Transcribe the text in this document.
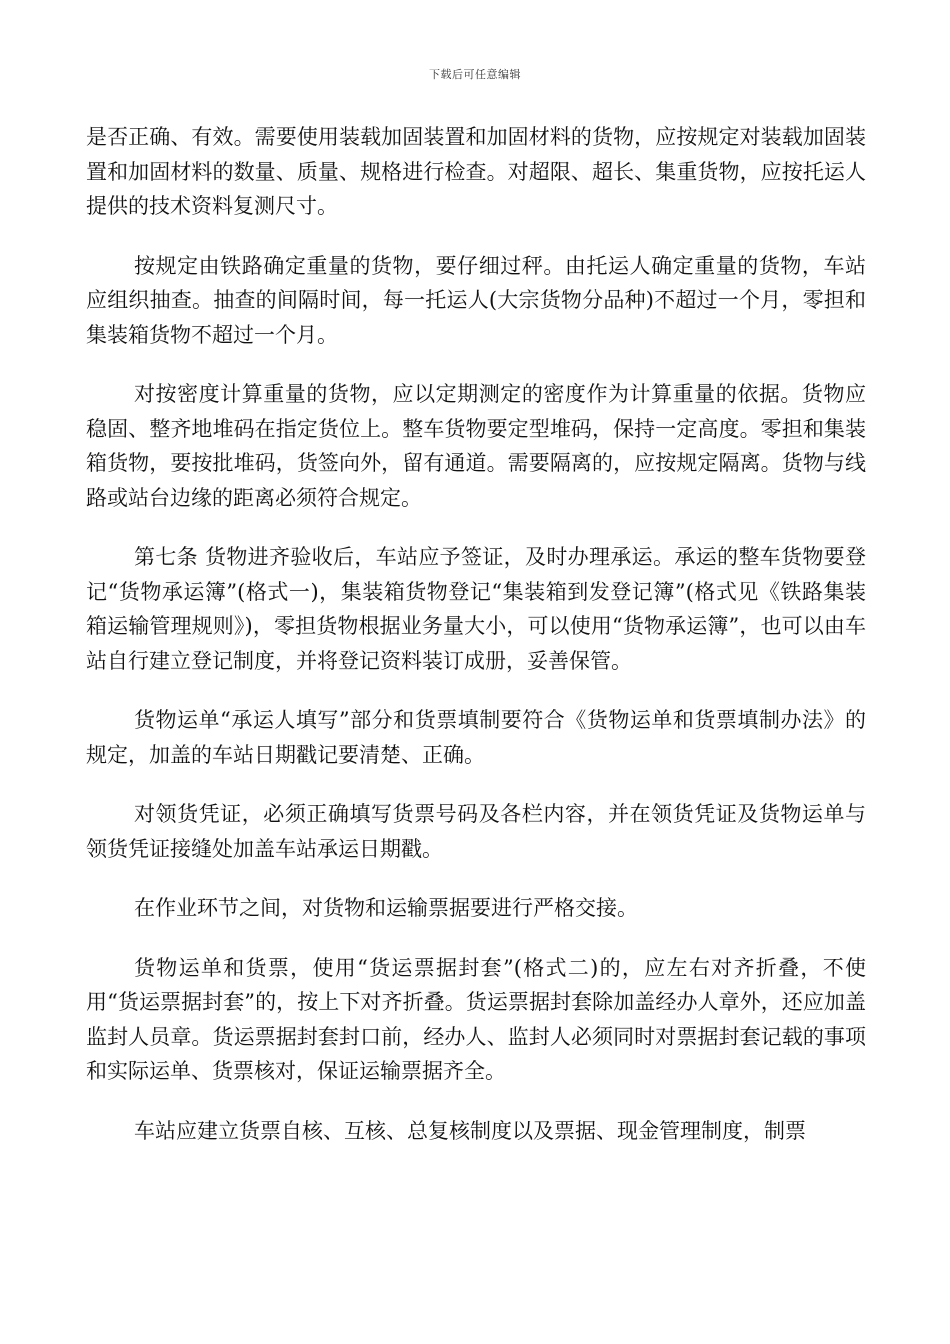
下载后可任意编辑

是否正确、有效。需要使用装载加固装置和加固材料的货物，应按规定对装载加固装置和加固材料的数量、质量、规格进行检查。对超限、超长、集重货物，应按托运人提供的技术资料复测尺寸。

按规定由铁路确定重量的货物，要仔细过秤。由托运人确定重量的货物，车站应组织抽查。抽查的间隔时间，每一托运人(大宗货物分品种)不超过一个月，零担和集装箱货物不超过一个月。

对按密度计算重量的货物，应以定期测定的密度作为计算重量的依据。货物应稳固、整齐地堆码在指定货位上。整车货物要定型堆码，保持一定高度。零担和集装箱货物，要按批堆码，货签向外，留有通道。需要隔离的，应按规定隔离。货物与线路或站台边缘的距离必须符合规定。

第七条 货物进齐验收后，车站应予签证，及时办理承运。承运的整车货物要登记“货物承运簿”(格式一)，集装箱货物登记“集装箱到发登记簿”(格式见《铁路集装箱运输管理规则》)，零担货物根据业务量大小，可以使用“货物承运簿”，也可以由车站自行建立登记制度，并将登记资料装订成册，妥善保管。

货物运单“承运人填写”部分和货票填制要符合《货物运单和货票填制办法》的规定，加盖的车站日期戳记要清楚、正确。

对领货凭证，必须正确填写货票号码及各栏内容，并在领货凭证及货物运单与领货凭证接缝处加盖车站承运日期戳。

在作业环节之间，对货物和运输票据要进行严格交接。

货物运单和货票，使用“货运票据封套”(格式二)的，应左右对齐折叠，不使用“货运票据封套”的，按上下对齐折叠。货运票据封套除加盖经办人章外，还应加盖监封人员章。货运票据封套封口前，经办人、监封人必须同时对票据封套记载的事项和实际运单、货票核对，保证运输票据齐全。

车站应建立货票自核、互核、总复核制度以及票据、现金管理制度，制票
